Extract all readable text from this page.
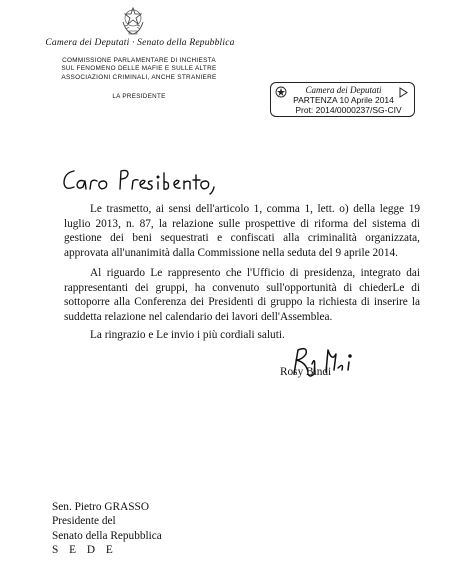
Camera dei Deputati · Senato della Repubblica
COMMISSIONE PARLAMENTARE DI INCHIESTA
SUL FENOMENO DELLE MAFIE E SULLE ALTRE
ASSOCIAZIONI CRIMINALI, ANCHE STRANIERE
LA PRESIDENTE
Camera dei Deputati
PARTENZA 10 Aprile 2014
Prot: 2014/0000237/SG-CIV
Le trasmetto, ai sensi dell'articolo 1, comma 1, lett. o) della legge 19 luglio 2013, n. 87, la relazione sulle prospettive di riforma del sistema di gestione dei beni sequestrati e confiscati alla criminalità organizzata, approvata all'unanimità dalla Commissione nella seduta del 9 aprile 2014.
Al riguardo Le rappresento che l'Ufficio di presidenza, integrato dai rappresentanti dei gruppi, ha convenuto sull'opportunità di chiederLe di sottoporre alla Conferenza dei Presidenti di gruppo la richiesta di inserire la suddetta relazione nel calendario dei lavori dell'Assemblea.
La ringrazio e Le invio i più cordiali saluti.
Rosy Bindi
Sen. Pietro GRASSO
Presidente del
Senato della Repubblica
S E D E
